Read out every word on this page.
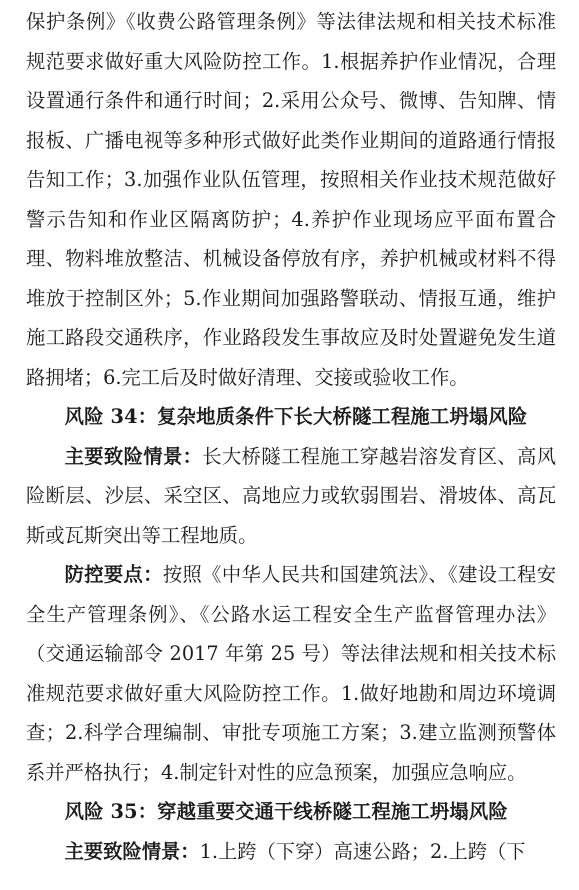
保护条例》《收费公路管理条例》等法律法规和相关技术标准规范要求做好重大风险防控工作。1.根据养护作业情况，合理设置通行条件和通行时间；2.采用公众号、微博、告知牌、情报板、广播电视等多种形式做好此类作业期间的道路通行情报告知工作；3.加强作业队伍管理，按照相关作业技术规范做好警示告知和作业区隔离防护；4.养护作业现场应平面布置合理、物料堆放整洁、机械设备停放有序，养护机械或材料不得堆放于控制区外；5.作业期间加强路警联动、情报互通，维护施工路段交通秩序，作业路段发生事故应及时处置避免发生道路拥堵；6.完工后及时做好清理、交接或验收工作。

风险 34：复杂地质条件下长大桥隧工程施工坍塌风险

主要致险情景：长大桥隧工程施工穿越岩溶发育区、高风险断层、沙层、采空区、高地应力或软弱围岩、滑坡体、高瓦斯或瓦斯突出等工程地质。

防控要点：按照《中华人民共和国建筑法》、《建设工程安全生产管理条例》、《公路水运工程安全生产监督管理办法》（交通运输部令 2017 年第 25 号）等法律法规和相关技术标准规范要求做好重大风险防控工作。1.做好地勘和周边环境调查；2.科学合理编制、审批专项施工方案；3.建立监测预警体系并严格执行；4.制定针对性的应急预案，加强应急响应。

风险 35：穿越重要交通干线桥隧工程施工坍塌风险

主要致险情景：1.上跨（下穿）高速公路；2.上跨（下
